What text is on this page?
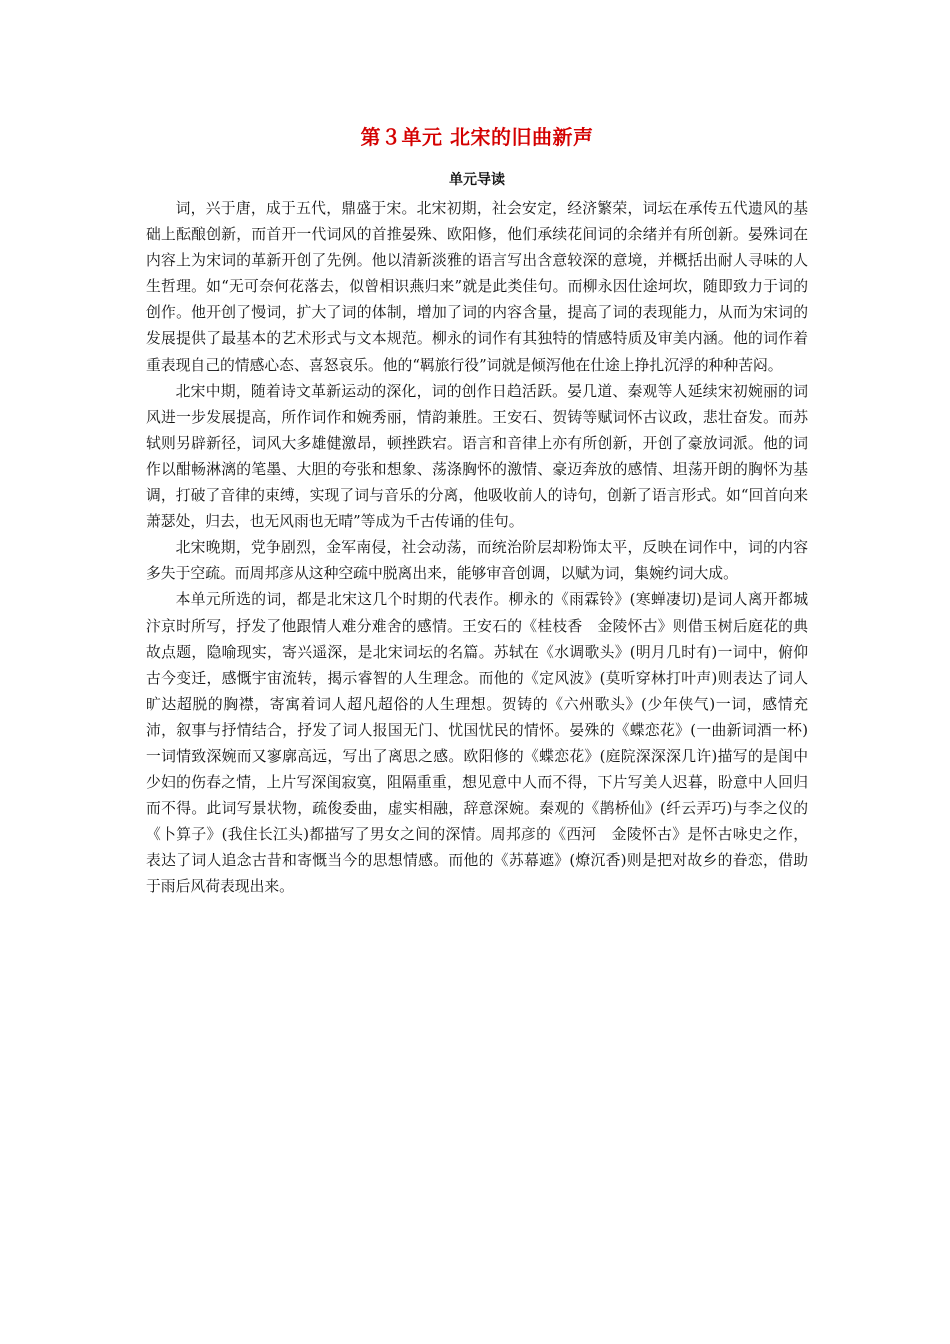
第３单元 北宋的旧曲新声
单元导读

词，兴于唐，成于五代，鼎盛于宋。北宋初期，社会安定，经济繁荣，词坛在承传五代遗风的基础上酝酿创新，而首开一代词风的首推晏殊、欧阳修，他们承续花间词的余绪并有所创新。晏殊词在内容上为宋词的革新开创了先例。他以清新淡雅的语言写出含意较深的意境，并概括出耐人寻味的人生哲理。如“无可奈何花落去，似曾相识燕归来”就是此类佳句。而柳永因仕途坷坎，随即致力于词的创作。他开创了慢词，扩大了词的体制，增加了词的内容含量，提高了词的表现能力，从而为宋词的发展提供了最基本的艺术形式与文本规范。柳永的词作有其独特的情感特质及审美内涵。他的词作着重表现自己的情感心态、喜怒哀乐。他的“羁旅行役”词就是倾泻他在仕途上挣扎沉浮的种种苦闷。

北宋中期，随着诗文革新运动的深化，词的创作日趋活跃。晏几道、秦观等人延续宋初婉丽的词风进一步发展提高，所作词作和婉秀丽，情韵兼胜。王安石、贺铸等赋词怀古议政，悲壮奋发。而苏轼则另辟新径，词风大多雄健激昂，顿挫跌宕。语言和音律上亦有所创新，开创了豪放词派。他的词作以酣畅淋漓的笔墨、大胆的夸张和想象、荡涤胸怀的激情、豪迈奔放的感情、坦荡开朗的胸怀为基调，打破了音律的束缚，实现了词与音乐的分离，他吸收前人的诗句，创新了语言形式。如“回首向来萧瑟处，归去，也无风雨也无晴”等成为千古传诵的佳句。

北宋晚期，党争剧烈，金军南侵，社会动荡，而统治阶层却粉饰太平，反映在词作中，词的内容多失于空疏。而周邦彦从这种空疏中脱离出来，能够审音创调，以赋为词，集婉约词大成。

本单元所选的词，都是北宋这几个时期的代表作。柳永的《雨霖铃》(寒蝉凄切)是词人离开都城汴京时所写，抒发了他跟情人难分难舍的感情。王安石的《桂枝香　金陵怀古》则借玉树后庭花的典故点题，隐喻现实，寄兴遥深，是北宋词坛的名篇。苏轼在《水调歌头》(明月几时有)一词中，俯仰古今变迁，感慨宇宙流转，揭示睿智的人生理念。而他的《定风波》(莫听穿林打叶声)则表达了词人旷达超脱的胸襟，寄寓着词人超凡超俗的人生理想。贺铸的《六州歌头》(少年侠气)一词，感情充沛，叙事与抒情结合，抒发了词人报国无门、忧国忧民的情怀。晏殊的《蝶恋花》(一曲新词酒一杯)一词情致深婉而又寥廓高远，写出了离思之感。欧阳修的《蝶恋花》(庭院深深深几许)描写的是闺中少妇的伤春之情，上片写深闺寂寞，阻隔重重，想见意中人而不得，下片写美人迟暮，盼意中人回归而不得。此词写景状物，疏俊委曲，虚实相融，辞意深婉。秦观的《鹊桥仙》(纤云弄巧)与李之仪的《卜算子》(我住长江头)都描写了男女之间的深情。周邦彦的《西河　金陵怀古》是怀古咏史之作，表达了词人追念古昔和寄慨当今的思想情感。而他的《苏幕遮》(燎沉香)则是把对故乡的眷恋，借助于雨后风荷表现出来。
